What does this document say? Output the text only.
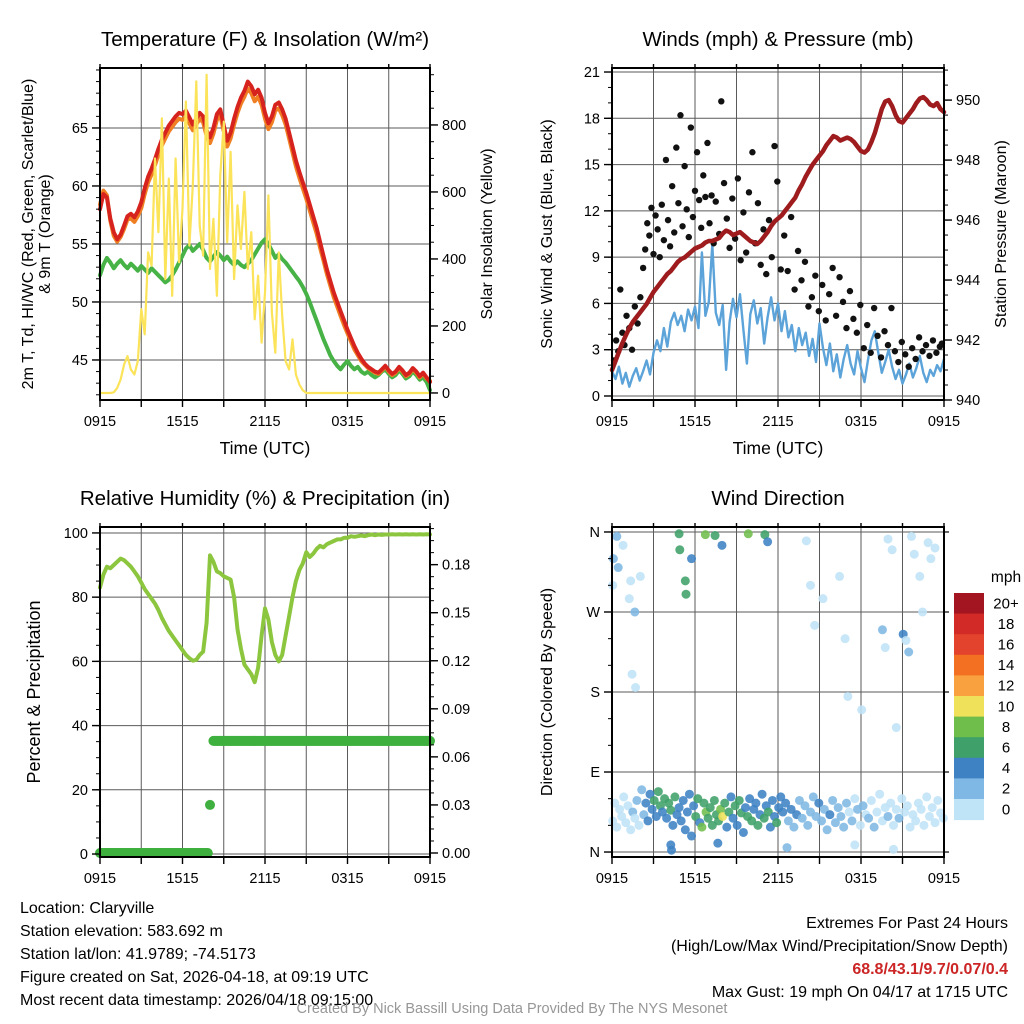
0915	1515	2115	0315	0915
Time (UTC)
45
50
55
60
65
2m T, Td, HI/WC (Red, Green, Scarlet/Blue) & 9m T (Orange)
0
200
400
600
800
Solar Insolation (Yellow)
Temperature (F) & Insolation (W/m²)
0915	1515	2115	0315	0915
Time (UTC)
0
3
6
9
12
15
18
21
Sonic Wind & Gust (Blue, Black)
940
942
944
946
948
950
Station Pressure (Maroon)
Winds (mph) & Pressure (mb)
0915	1515	2115	0315	0915
0
20
40
60
80
100
Percent & Precipitation
0.00
0.03
0.06
0.09
0.12
0.15
0.18
Relative Humidity (%) & Precipitation (in)
0915	1515	2115	0315	0915
N
E
S
W
N
Direction (Colored By Speed)
Wind Direction
20+
18
16
14
12
10
8
6
4
2
0
mph
Location: Claryville
Station elevation: 583.692 m
Station lat/lon: 41.9789; -74.5173
Figure created on Sat, 2026-04-18, at 09:19 UTC
Most recent data timestamp: 2026/04/18 09:15:00
Extremes For Past 24 Hours
(High/Low/Max Wind/Precipitation/Snow Depth)
68.8/43.1/9.7/0.07/0.4
Max Gust: 19 mph On 04/17 at 1715 UTC
Created By Nick Bassill Using Data Provided By The NYS Mesonet
